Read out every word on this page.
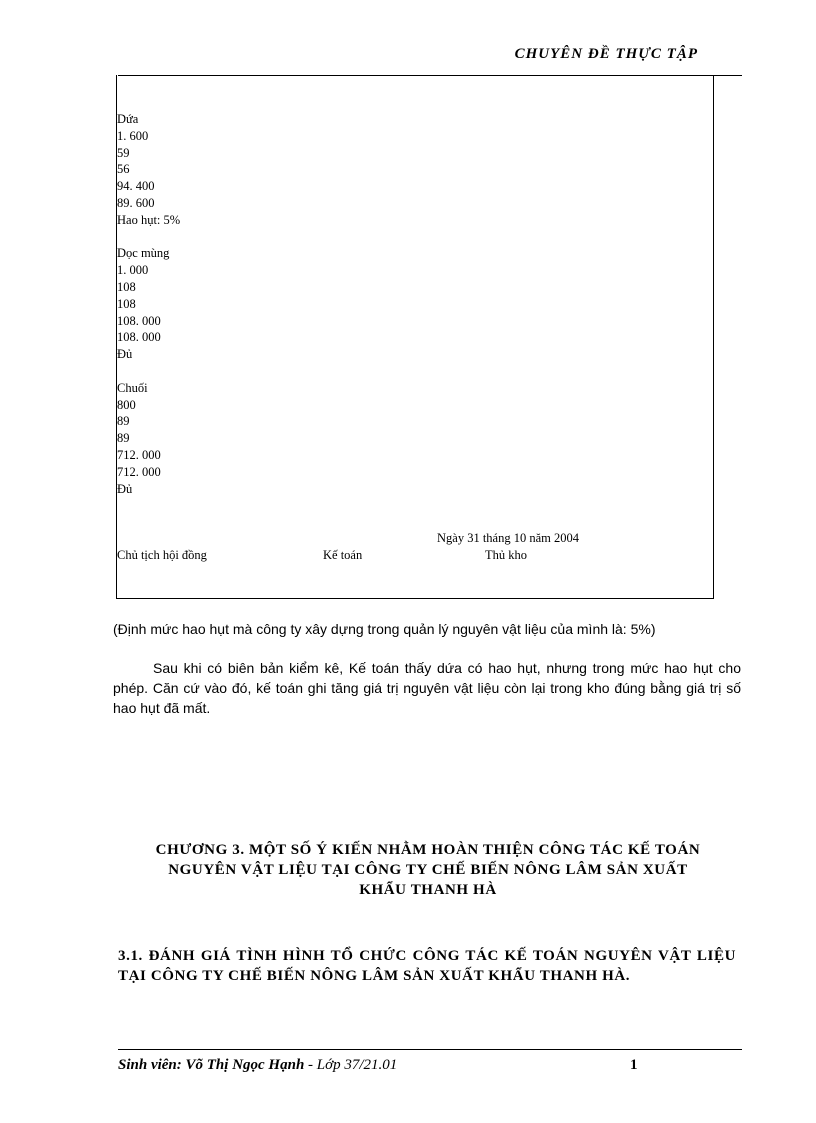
CHUYÊN ĐỀ THỰC TẬP
Dứa
1. 600
59
56
94. 400
89. 600
Hao hụt: 5%
Dọc mùng
1. 000
108
108
108. 000
108. 000
Đủ
Chuối
800
89
89
712. 000
712. 000
Đủ
Ngày 31 tháng 10 năm 2004
Chủ tịch hội đồng	Kế toán	Thủ kho
(Định mức hao hụt mà công ty xây dựng trong quản lý nguyên vật liệu của mình là: 5%)

Sau khi có biên bản kiểm kê, Kế toán thấy dứa có hao hụt, nhưng trong mức hao hụt cho phép. Căn cứ vào đó, kế toán ghi tăng giá trị nguyên vật liệu còn lại trong kho đúng bằng giá trị số hao hụt đã mất.

CHƯƠNG 3. MỘT SỐ Ý KIẾN NHẰM HOÀN THIỆN CÔNG TÁC KẾ TOÁN
NGUYÊN VẬT LIỆU TẠI CÔNG TY CHẾ BIẾN NÔNG LÂM SẢN XUẤT
KHẨU THANH HÀ
3.1. ĐÁNH GIÁ TÌNH HÌNH TỔ CHỨC CÔNG TÁC KẾ TOÁN NGUYÊN VẬT LIỆU TẠI CÔNG TY CHẾ BIẾN NÔNG LÂM SẢN XUẤT KHẨU THANH HÀ.
Sinh viên: Võ Thị Ngọc Hạnh - Lớp 37/21.01	1
